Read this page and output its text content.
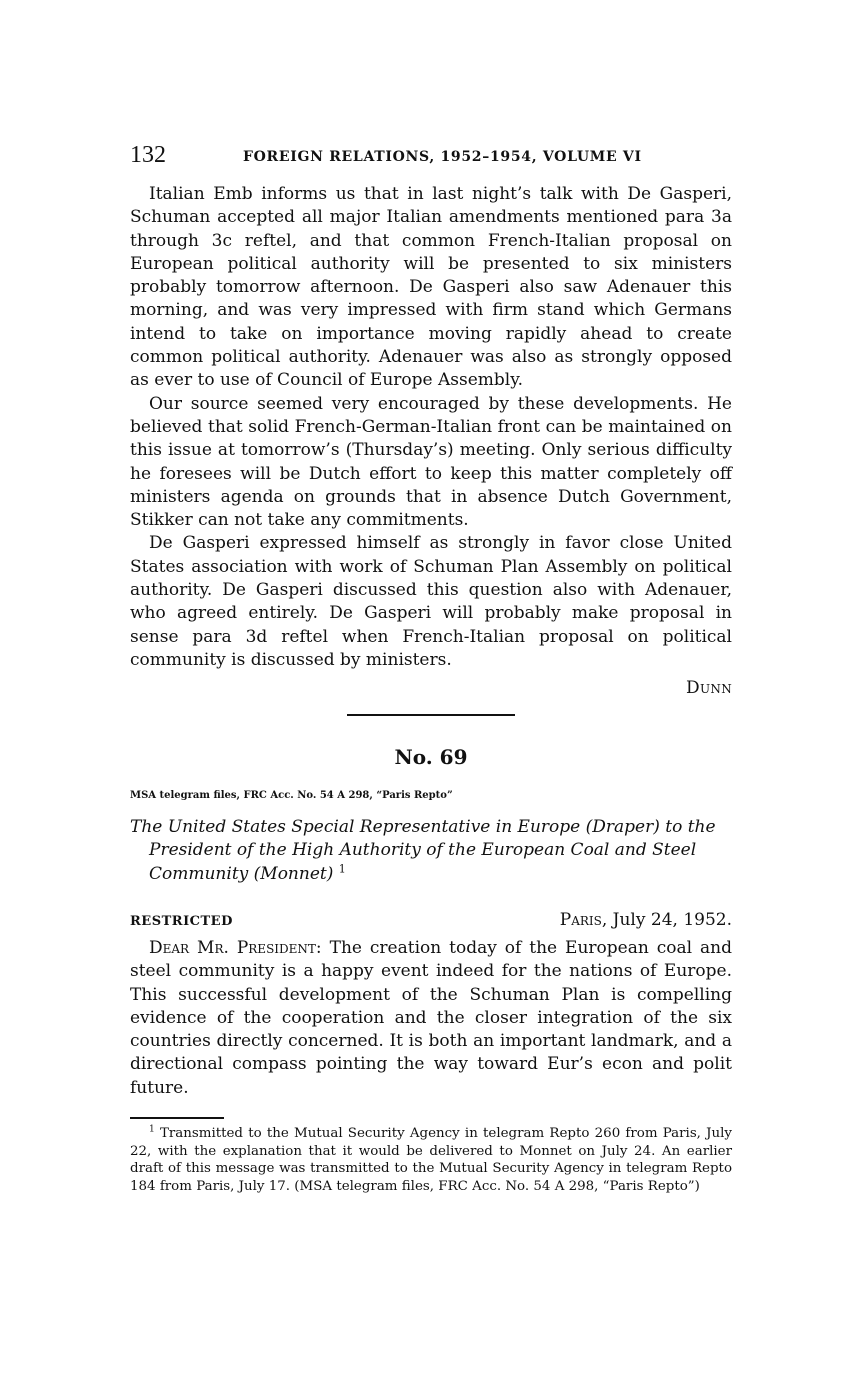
132	FOREIGN RELATIONS, 1952–1954, VOLUME VI

Italian Emb informs us that in last night’s talk with De Gasperi, Schuman accepted all major Italian amendments mentioned para 3a through 3c reftel, and that common French-Italian proposal on European political authority will be presented to six ministers probably tomorrow afternoon. De Gasperi also saw Adenauer this morning, and was very impressed with firm stand which Germans intend to take on importance moving rapidly ahead to create common political authority. Adenauer was also as strongly opposed as ever to use of Council of Europe Assembly.

Our source seemed very encouraged by these developments. He believed that solid French-German-Italian front can be maintained on this issue at tomorrow’s (Thursday’s) meeting. Only serious difficulty he foresees will be Dutch effort to keep this matter completely off ministers agenda on grounds that in absence Dutch Government, Stikker can not take any commitments.

De Gasperi expressed himself as strongly in favor close United States association with work of Schuman Plan Assembly on political authority. De Gasperi discussed this question also with Adenauer, who agreed entirely. De Gasperi will probably make proposal in sense para 3d reftel when French-Italian proposal on political community is discussed by ministers.

Dunn
No. 69
MSA telegram files, FRC Acc. No. 54 A 298, “Paris Repto”
The United States Special Representative in Europe (Draper) to the President of the High Authority of the European Coal and Steel Community (Monnet) $^1$
RESTRICTED	Paris, July 24, 1952.

Dear Mr. President: The creation today of the European coal and steel community is a happy event indeed for the nations of Europe. This successful development of the Schuman Plan is compelling evidence of the cooperation and the closer integration of the six countries directly concerned. It is both an important landmark, and a directional compass pointing the way toward Eur’s econ and polit future.

$^1$ Transmitted to the Mutual Security Agency in telegram Repto 260 from Paris, July 22, with the explanation that it would be delivered to Monnet on July 24. An earlier draft of this message was transmitted to the Mutual Security Agency in telegram Repto 184 from Paris, July 17. (MSA telegram files, FRC Acc. No. 54 A 298, “Paris Repto”)
